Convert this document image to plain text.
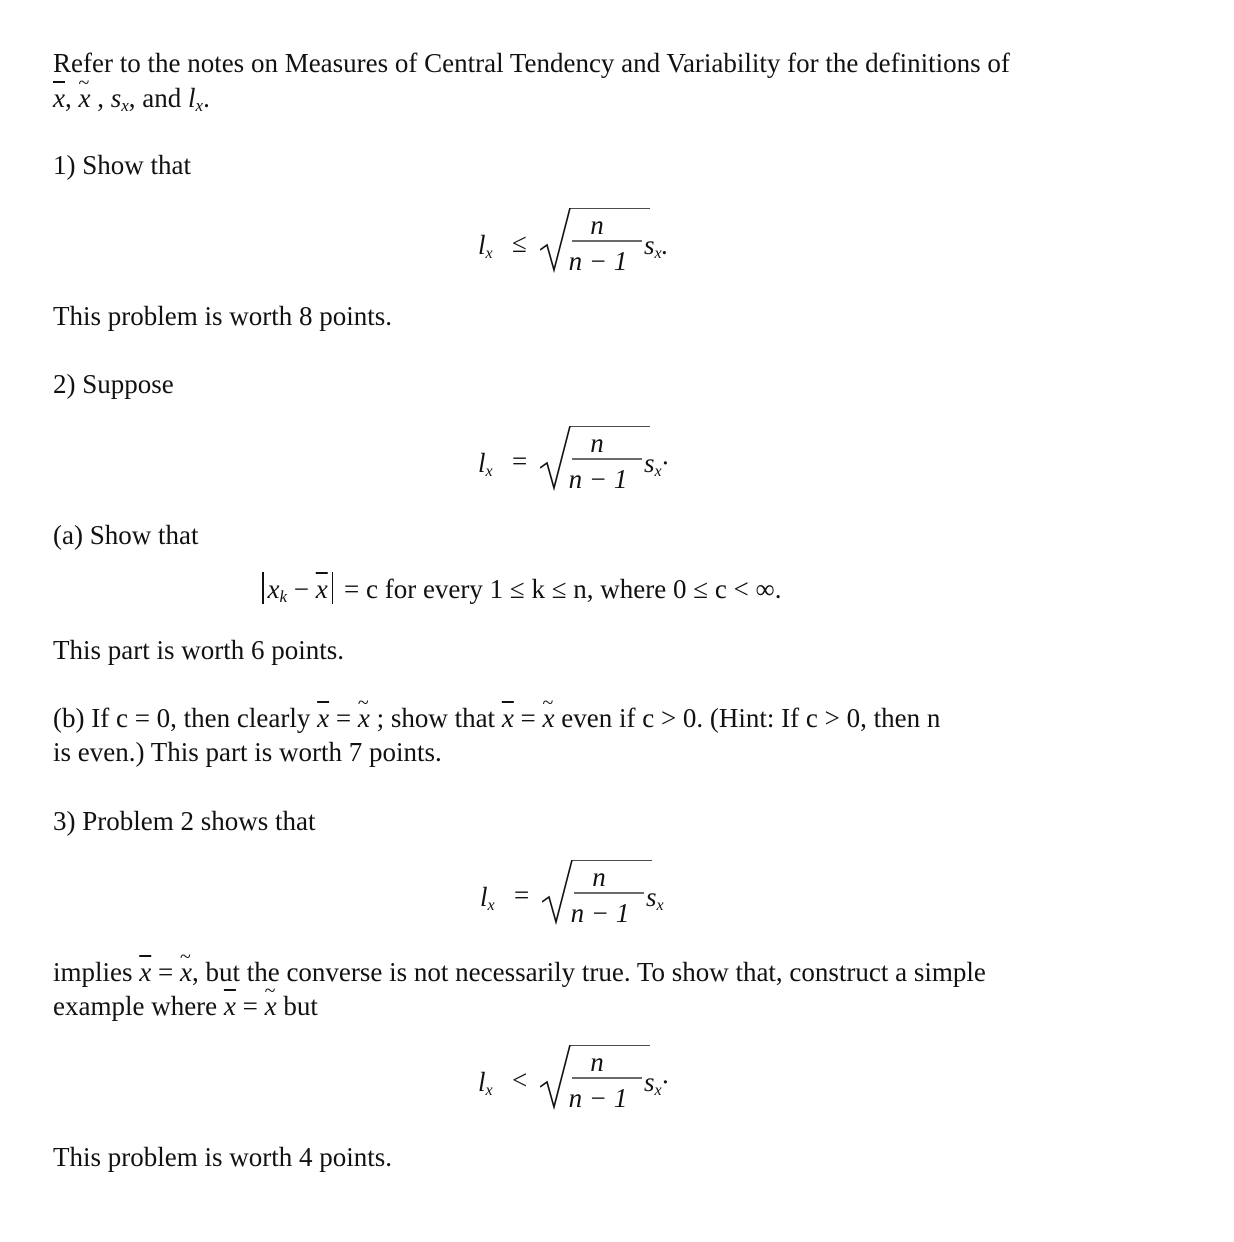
Refer to the notes on Measures of Central Tendency and Variability for the definitions of
$\overline{x}$, ~ x , $s_x$, and $l_x$.
1) Show that
$l_x$ ≤
n
n − 1
$s_x$.
This problem is worth 8 points.
2) Suppose
$l_x$ =
n
n − 1
$s_x\cdot$
(a) Show that
$x_k - \overline{x} = c$ for every 1 ≤ k ≤ n, where 0 ≤ c < ∞.
This part is worth 6 points.
(b) If c = 0, then clearly $\overline{x}$ = ~ x ; show that $\overline{x}$ = ~ x even if c > 0. (Hint: If c > 0, then n
is even.) This part is worth 7 points.
3) Problem 2 shows that
$l_x$ =
n
n − 1
$s_x$
implies $\overline{x}$ = ~ x, but the converse is not necessarily true. To show that, construct a simple
example where $\overline{x}$ = ~ x but
$l_x$ <
n
n − 1
$s_x\cdot$
This problem is worth 4 points.
